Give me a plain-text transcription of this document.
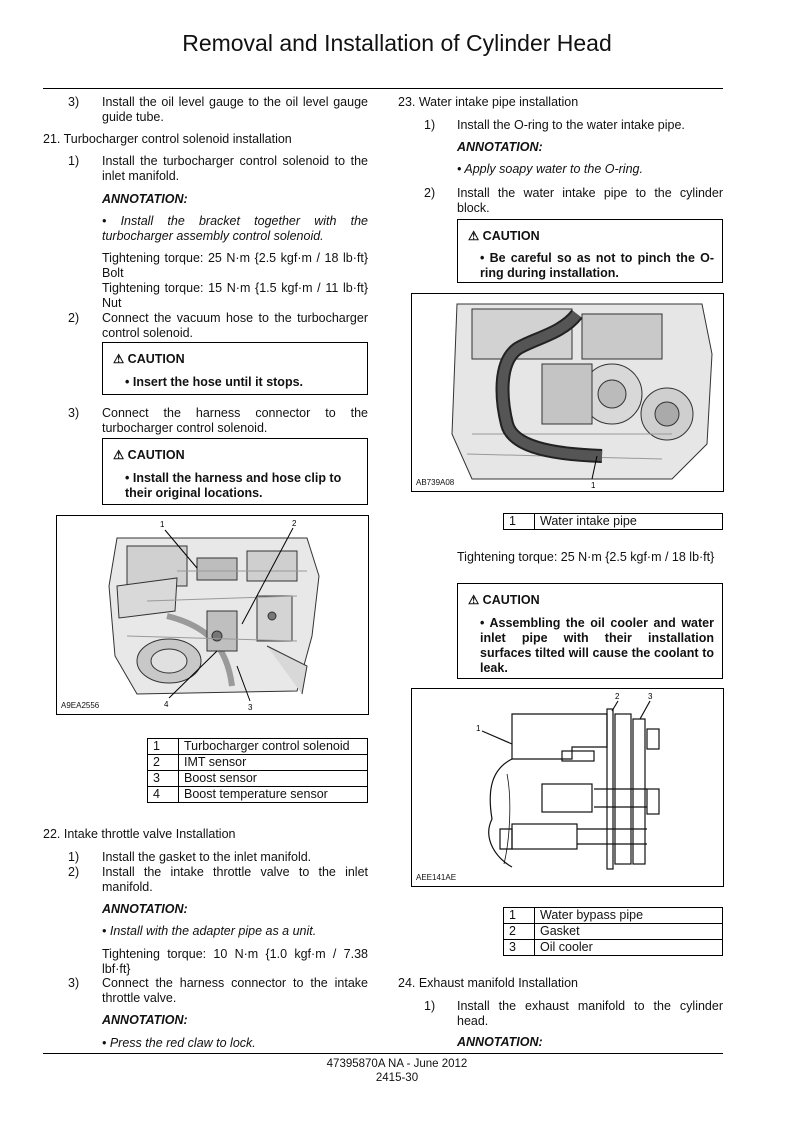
Removal and Installation of Cylinder Head
3) Install the oil level gauge to the oil level gauge guide tube.
21. Turbocharger control solenoid installation
1) Install the turbocharger control solenoid to the inlet manifold.
ANNOTATION:
• Install the bracket together with the turbocharger assembly control solenoid.
Tightening torque: 25 N·m {2.5 kgf·m / 18 lb·ft} Bolt
Tightening torque: 15 N·m {1.5 kgf·m / 11 lb·ft} Nut
2) Connect the vacuum hose to the turbocharger control solenoid.
⚠ CAUTION
• Insert the hose until it stops.
3) Connect the harness connector to the turbocharger control solenoid.
⚠ CAUTION
• Install the harness and hose clip to their original locations.
1	2
4	3
A9EA2556
1	Turbocharger control solenoid
2	IMT sensor
3	Boost sensor
4	Boost temperature sensor
22. Intake throttle valve Installation
1) Install the gasket to the inlet manifold.
2) Install the intake throttle valve to the inlet manifold.
ANNOTATION:
• Install with the adapter pipe as a unit.
Tightening torque: 10 N·m {1.0 kgf·m / 7.38 lbf·ft}
3) Connect the harness connector to the intake throttle valve.
ANNOTATION:
• Press the red claw to lock.
23. Water intake pipe installation
1) Install the O-ring to the water intake pipe.
ANNOTATION:
• Apply soapy water to the O-ring.
2) Install the water intake pipe to the cylinder block.
⚠ CAUTION
• Be careful so as not to pinch the O-ring during installation.
1
AB739A08
1	Water intake pipe
Tightening torque: 25 N·m {2.5 kgf·m / 18 lb·ft}
⚠ CAUTION
• Assembling the oil cooler and water inlet pipe with their installation surfaces tilted will cause the coolant to leak.
2	3
1
AEE141AE
1	Water bypass pipe
2	Gasket
3	Oil cooler
24. Exhaust manifold Installation
1) Install the exhaust manifold to the cylinder head.
ANNOTATION:
47395870A NA - June 2012
2415-30
